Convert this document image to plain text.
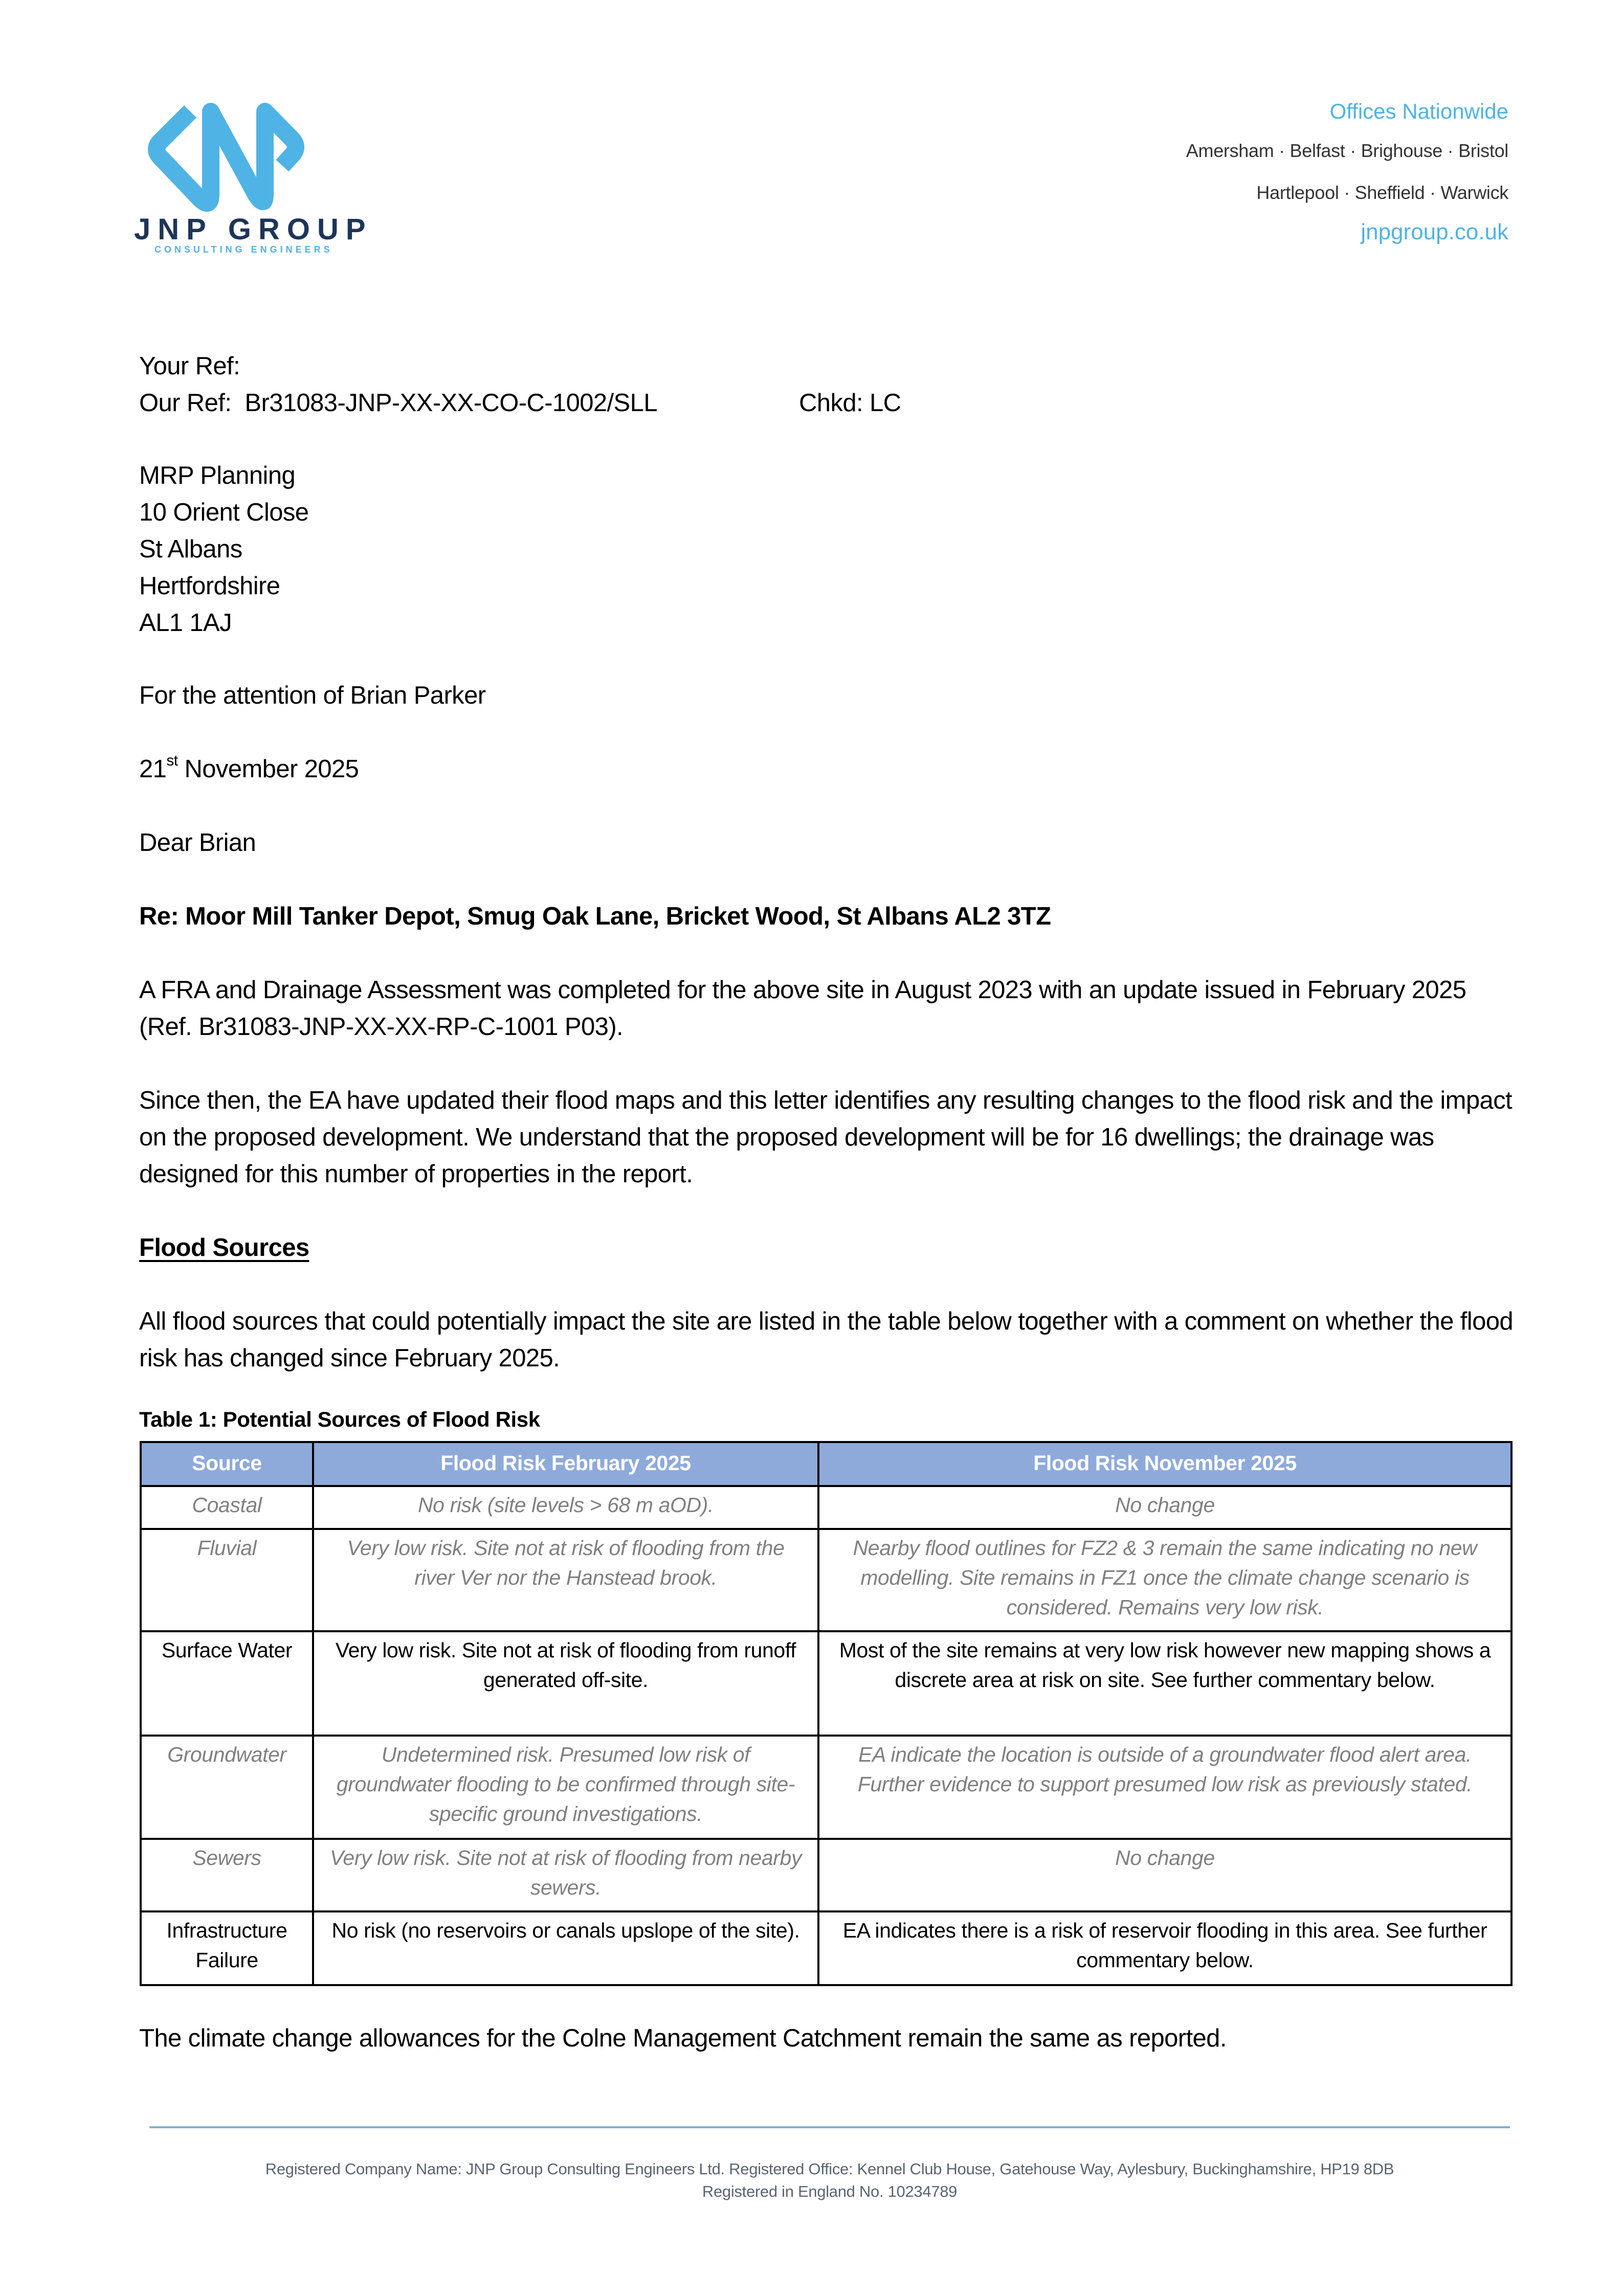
JNP GROUP
CONSULTING ENGINEERS
Offices Nationwide
Amersham · Belfast · Brighouse · Bristol
Hartlepool · Sheffield · Warwick
jnpgroup.co.uk
Your Ref:
Our Ref:  Br31083-JNP-XX-XX-CO-C-1002/SLL	Chkd: LC
MRP Planning
10 Orient Close
St Albans
Hertfordshire
AL1 1AJ
For the attention of Brian Parker
21st November 2025
Dear Brian
Re: Moor Mill Tanker Depot, Smug Oak Lane, Bricket Wood, St Albans AL2 3TZ
A FRA and Drainage Assessment was completed for the above site in August 2023 with an update issued in February 2025 (Ref. Br31083-JNP-XX-XX-RP-C-1001 P03).
Since then, the EA have updated their flood maps and this letter identifies any resulting changes to the flood risk and the impact on the proposed development. We understand that the proposed development will be for 16 dwellings; the drainage was designed for this number of properties in the report.
Flood Sources
All flood sources that could potentially impact the site are listed in the table below together with a comment on whether the flood risk has changed since February 2025.
Table 1: Potential Sources of Flood Risk
Source	Flood Risk February 2025	Flood Risk November 2025
Coastal	No risk (site levels > 68 m aOD).	No change
Fluvial	Very low risk. Site not at risk of flooding from the river Ver nor the Hanstead brook.	Nearby flood outlines for FZ2 & 3 remain the same indicating no new modelling. Site remains in FZ1 once the climate change scenario is considered. Remains very low risk.
Surface Water	Very low risk. Site not at risk of flooding from runoff generated off-site.	Most of the site remains at very low risk however new mapping shows a discrete area at risk on site. See further commentary below.
Groundwater	Undetermined risk. Presumed low risk of groundwater flooding to be confirmed through site-specific ground investigations.	EA indicate the location is outside of a groundwater flood alert area. Further evidence to support presumed low risk as previously stated.
Sewers	Very low risk. Site not at risk of flooding from nearby sewers.	No change
Infrastructure Failure	No risk (no reservoirs or canals upslope of the site).	EA indicates there is a risk of reservoir flooding in this area. See further commentary below.
The climate change allowances for the Colne Management Catchment remain the same as reported.
Registered Company Name: JNP Group Consulting Engineers Ltd. Registered Office: Kennel Club House, Gatehouse Way, Aylesbury, Buckinghamshire, HP19 8DB
Registered in England No. 10234789
